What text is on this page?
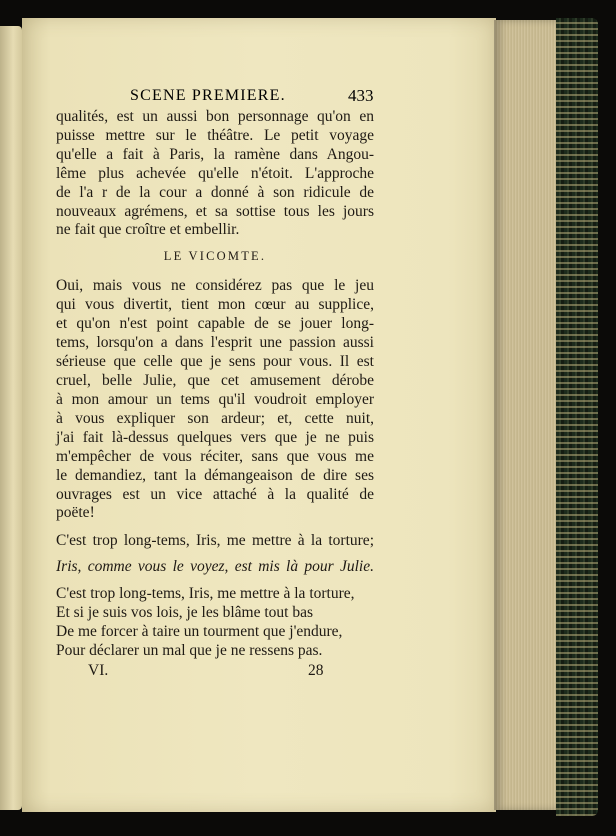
SCENE PREMIERE.	433
qualités, est un aussi bon personnage qu'on en
puisse mettre sur le théâtre. Le petit voyage
qu'elle a fait à Paris, la ramène dans Angou-
lême plus achevée qu'elle n'étoit. L'approche
de l'a r de la cour a donné à son ridicule de
nouveaux agrémens, et sa sottise tous les jours
ne fait que croître et embellir.
LE VICOMTE.
Oui, mais vous ne considérez pas que le jeu
qui vous divertit, tient mon cœur au supplice,
et qu'on n'est point capable de se jouer long-
tems, lorsqu'on a dans l'esprit une passion aussi
sérieuse que celle que je sens pour vous. Il est
cruel, belle Julie, que cet amusement dérobe
à mon amour un tems qu'il voudroit employer
à vous expliquer son ardeur; et, cette nuit,
j'ai fait là-dessus quelques vers que je ne puis
m'empêcher de vous réciter, sans que vous me
le demandiez, tant la démangeaison de dire ses
ouvrages est un vice attaché à la qualité de
poëte!
C'est trop long-tems, Iris, me mettre à la torture;
Iris, comme vous le voyez, est mis là pour Julie.
C'est trop long-tems, Iris, me mettre à la torture,
Et si je suis vos lois, je les blâme tout bas
De me forcer à taire un tourment que j'endure,
Pour déclarer un mal que je ne ressens pas.
VI.	28
